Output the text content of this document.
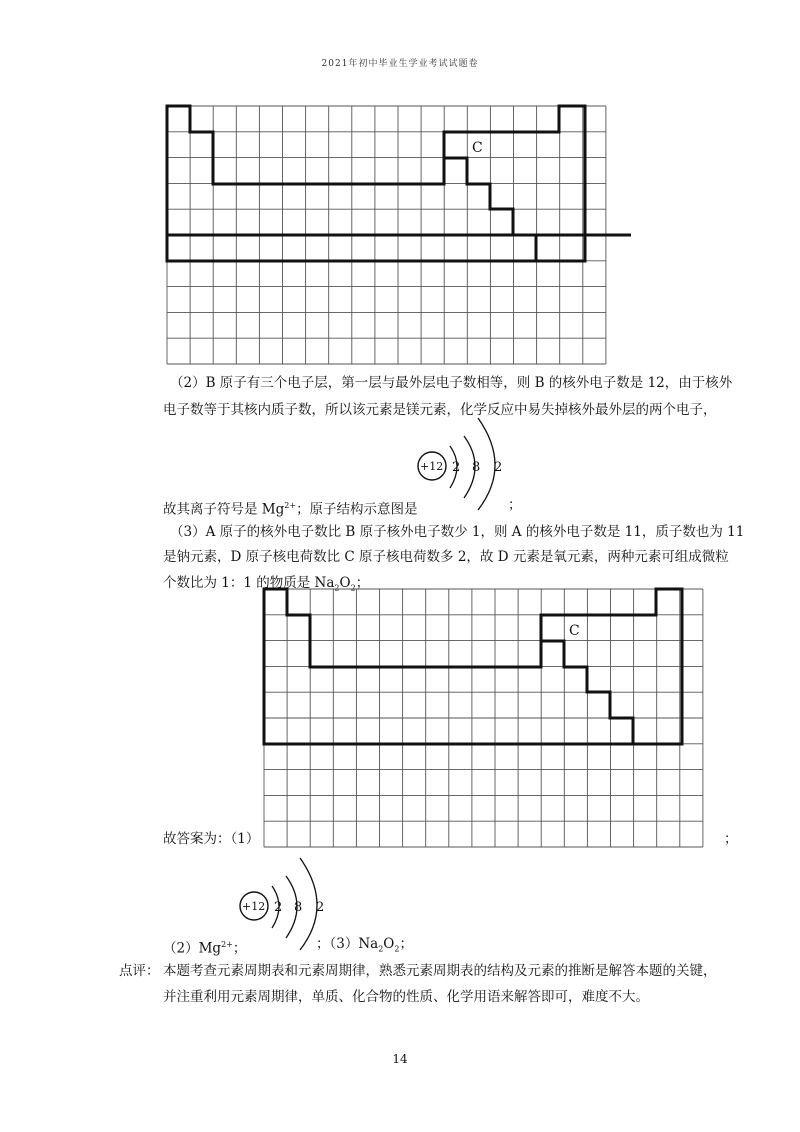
2021年初中毕业生学业考试试题卷
C
（2）B 原子有三个电子层，第一层与最外层电子数相等，则 B 的核外电子数是 12，由于核外
电子数等于其核内质子数，所以该元素是镁元素，化学反应中易失掉核外最外层的两个电子，
+12 2 8 2
故其离子符号是 $Mg^{2+}$；原子结构示意图是	；
（3）A 原子的核外电子数比 B 原子核外电子数少 1，则 A 的核外电子数是 11，质子数也为 11
是钠元素，D 原子核电荷数比 C 原子核电荷数多 2，故 D 元素是氧元素，两种元素可组成微粒
个数比为 1：1 的物质是 $Na_2O_2$；
C
故答案为：（1）	；
+12 2 8 2
$(2)Mg^{2+}$；	；$(3)Na_2O_2$；
点评： 本题考查元素周期表和元素周期律，熟悉元素周期表的结构及元素的推断是解答本题的关键，
并注重利用元素周期律，单质、化合物的性质、化学用语来解答即可，难度不大。
14
